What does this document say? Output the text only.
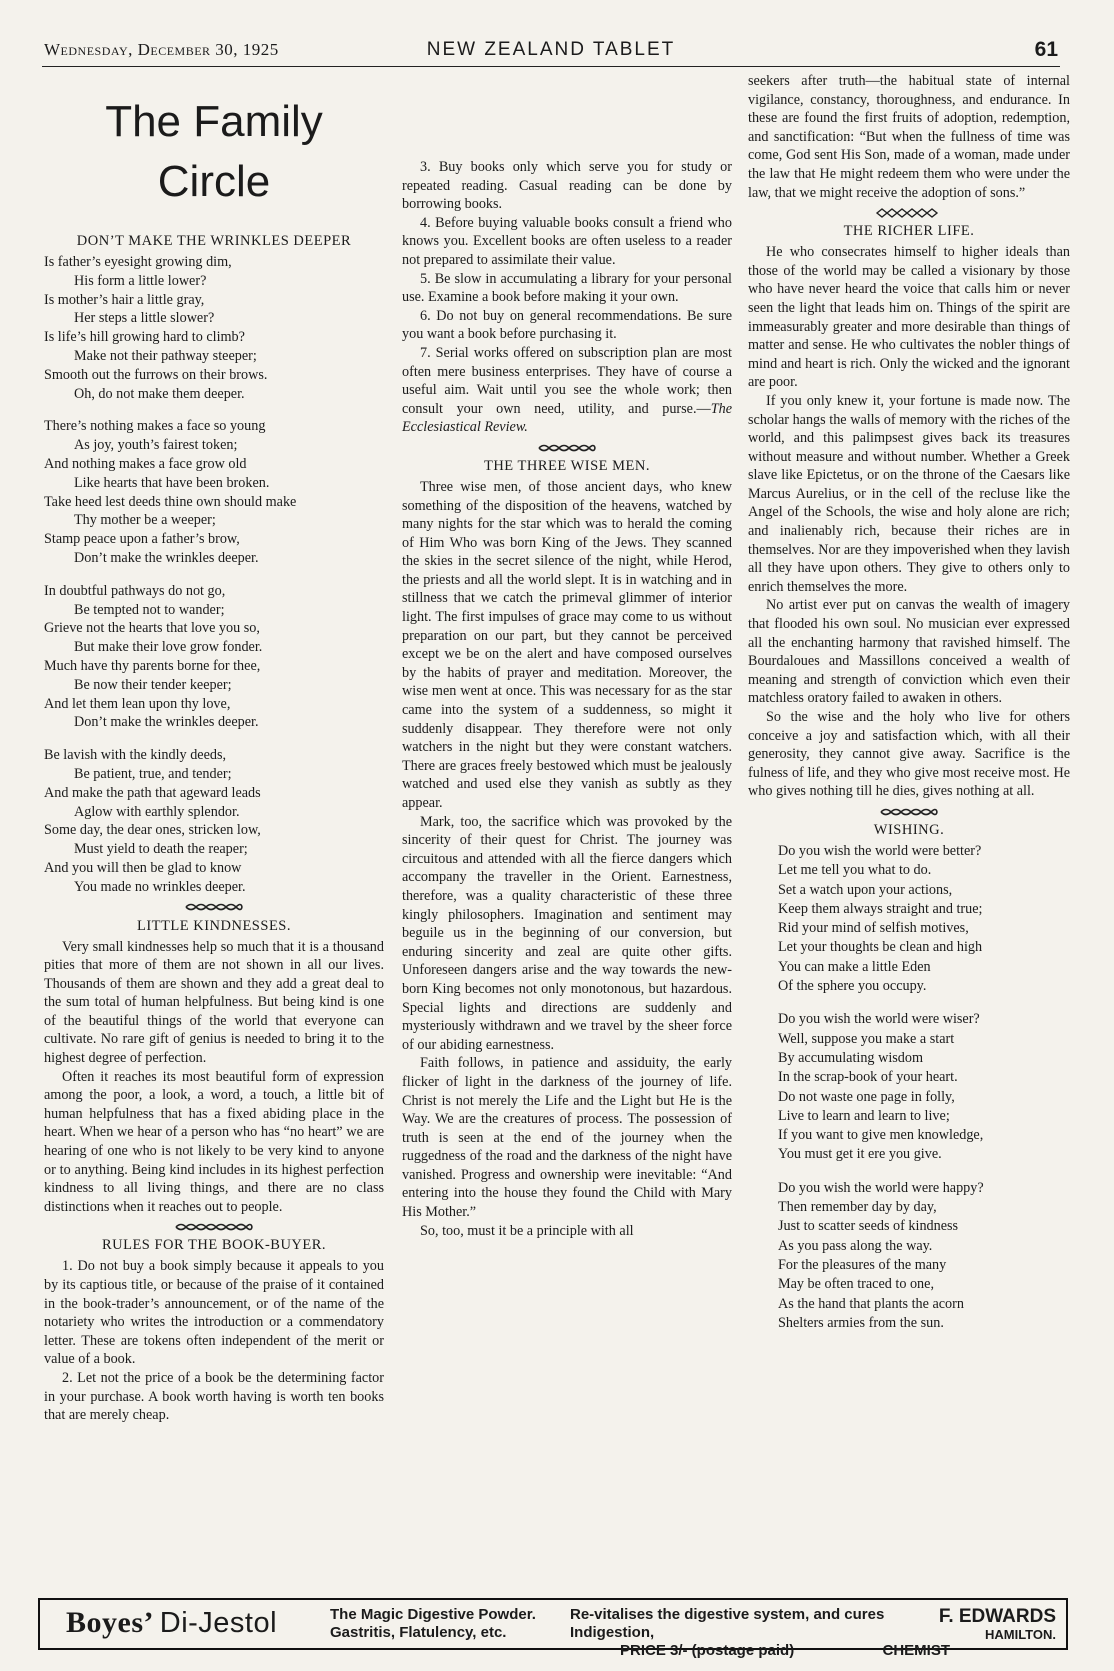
Wednesday, December 30, 1925	NEW ZEALAND TABLET	61
The Family Circle
DON’T MAKE THE WRINKLES DEEPER
Is father’s eyesight growing dim,
His form a little lower?
Is mother’s hair a little gray,
Her steps a little slower?
Is life’s hill growing hard to climb?
Make not their pathway steeper;
Smooth out the furrows on their brows.
Oh, do not make them deeper.
There’s nothing makes a face so young
As joy, youth’s fairest token;
And nothing makes a face grow old
Like hearts that have been broken.
Take heed lest deeds thine own should make
Thy mother be a weeper;
Stamp peace upon a father’s brow,
Don’t make the wrinkles deeper.
In doubtful pathways do not go,
Be tempted not to wander;
Grieve not the hearts that love you so,
But make their love grow fonder.
Much have thy parents borne for thee,
Be now their tender keeper;
And let them lean upon thy love,
Don’t make the wrinkles deeper.
Be lavish with the kindly deeds,
Be patient, true, and tender;
And make the path that ageward leads
Aglow with earthly splendor.
Some day, the dear ones, stricken low,
Must yield to death the reaper;
And you will then be glad to know
You made no wrinkles deeper.
LITTLE KINDNESSES.

Very small kindnesses help so much that it is a thousand pities that more of them are not shown in all our lives. Thousands of them are shown and they add a great deal to the sum total of human helpfulness. But being kind is one of the beautiful things of the world that everyone can cultivate. No rare gift of genius is needed to bring it to the highest degree of perfection.

Often it reaches its most beautiful form of expression among the poor, a look, a word, a touch, a little bit of human helpfulness that has a fixed abiding place in the heart. When we hear of a person who has “no heart” we are hearing of one who is not likely to be very kind to anyone or to anything. Being kind includes in its highest perfection kindness to all living things, and there are no class distinctions when it reaches out to people.

RULES FOR THE BOOK-BUYER.
1. Do not buy a book simply because it appeals to you by its captious title, or because of the praise of it contained in the book-trader’s announcement, or of the name of the notariety who writes the introduction or a commendatory letter. These are tokens often independent of the merit or value of a book.
2. Let not the price of a book be the determining factor in your purchase. A book worth having is worth ten books that are merely cheap.
3. Buy books only which serve you for study or repeated reading. Casual reading can be done by borrowing books.
4. Before buying valuable books consult a friend who knows you. Excellent books are often useless to a reader not prepared to assimilate their value.
5. Be slow in accumulating a library for your personal use. Examine a book before making it your own.
6. Do not buy on general recommendations. Be sure you want a book before purchasing it.
7. Serial works offered on subscription plan are most often mere business enterprises. They have of course a useful aim. Wait until you see the whole work; then consult your own need, utility, and purse.—The Ecclesiastical Review.
THE THREE WISE MEN.

Three wise men, of those ancient days, who knew something of the disposition of the heavens, watched by many nights for the star which was to herald the coming of Him Who was born King of the Jews. They scanned the skies in the secret silence of the night, while Herod, the priests and all the world slept. It is in watching and in stillness that we catch the primeval glimmer of interior light. The first impulses of grace may come to us without preparation on our part, but they cannot be perceived except we be on the alert and have composed ourselves by the habits of prayer and meditation. Moreover, the wise men went at once. This was necessary for as the star came into the system of a suddenness, so might it suddenly disappear. They therefore were not only watchers in the night but they were constant watchers. There are graces freely bestowed which must be jealously watched and used else they vanish as subtly as they appear.

Mark, too, the sacrifice which was provoked by the sincerity of their quest for Christ. The journey was circuitous and attended with all the fierce dangers which accompany the traveller in the Orient. Earnestness, therefore, was a quality characteristic of these three kingly philosophers. Imagination and sentiment may beguile us in the beginning of our conversion, but enduring sincerity and zeal are quite other gifts. Unforeseen dangers arise and the way towards the new-born King becomes not only monotonous, but hazardous. Special lights and directions are suddenly and mysteriously withdrawn and we travel by the sheer force of our abiding earnestness.

Faith follows, in patience and assiduity, the early flicker of light in the darkness of the journey of life. Christ is not merely the Life and the Light but He is the Way. We are the creatures of process. The possession of truth is seen at the end of the journey when the ruggedness of the road and the darkness of the night have vanished. Progress and ownership were inevitable: “And entering into the house they found the Child with Mary His Mother.”

So, too, must it be a principle with all

seekers after truth—the habitual state of internal vigilance, constancy, thoroughness, and endurance. In these are found the first fruits of adoption, redemption, and sanctification: “But when the fullness of time was come, God sent His Son, made of a woman, made under the law that He might redeem them who were under the law, that we might receive the adoption of sons.”

THE RICHER LIFE.

He who consecrates himself to higher ideals than those of the world may be called a visionary by those who have never heard the voice that calls him or never seen the light that leads him on. Things of the spirit are immeasurably greater and more desirable than things of matter and sense. He who cultivates the nobler things of mind and heart is rich. Only the wicked and the ignorant are poor.

If you only knew it, your fortune is made now. The scholar hangs the walls of memory with the riches of the world, and this palimpsest gives back its treasures without measure and without number. Whether a Greek slave like Epictetus, or on the throne of the Caesars like Marcus Aurelius, or in the cell of the recluse like the Angel of the Schools, the wise and holy alone are rich; and inalienably rich, because their riches are in themselves. Nor are they impoverished when they lavish all they have upon others. They give to others only to enrich themselves the more.

No artist ever put on canvas the wealth of imagery that flooded his own soul. No musician ever expressed all the enchanting harmony that ravished himself. The Bourdaloues and Massillons conceived a wealth of meaning and strength of conviction which even their matchless oratory failed to awaken in others.

So the wise and the holy who live for others conceive a joy and satisfaction which, with all their generosity, they cannot give away. Sacrifice is the fulness of life, and they who give most receive most. He who gives nothing till he dies, gives nothing at all.

WISHING.
Do you wish the world were better?
Let me tell you what to do.
Set a watch upon your actions,
Keep them always straight and true;
Rid your mind of selfish motives,
Let your thoughts be clean and high
You can make a little Eden
Of the sphere you occupy.
Do you wish the world were wiser?
Well, suppose you make a start
By accumulating wisdom
In the scrap-book of your heart.
Do not waste one page in folly,
Live to learn and learn to live;
If you want to give men knowledge,
You must get it ere you give.
Do you wish the world were happy?
Then remember day by day,
Just to scatter seeds of kindness
As you pass along the way.
For the pleasures of the many
May be often traced to one,
As the hand that plants the acorn
Shelters armies from the sun.
Boyes’ Di-Jestol	The Magic Digestive Powder.
Gastritis, Flatulency, etc.
Re-vitalises the digestive system, and cures Indigestion,
PRICE 3/- (postage paid)	CHEMIST
F. EDWARDS
HAMILTON.
